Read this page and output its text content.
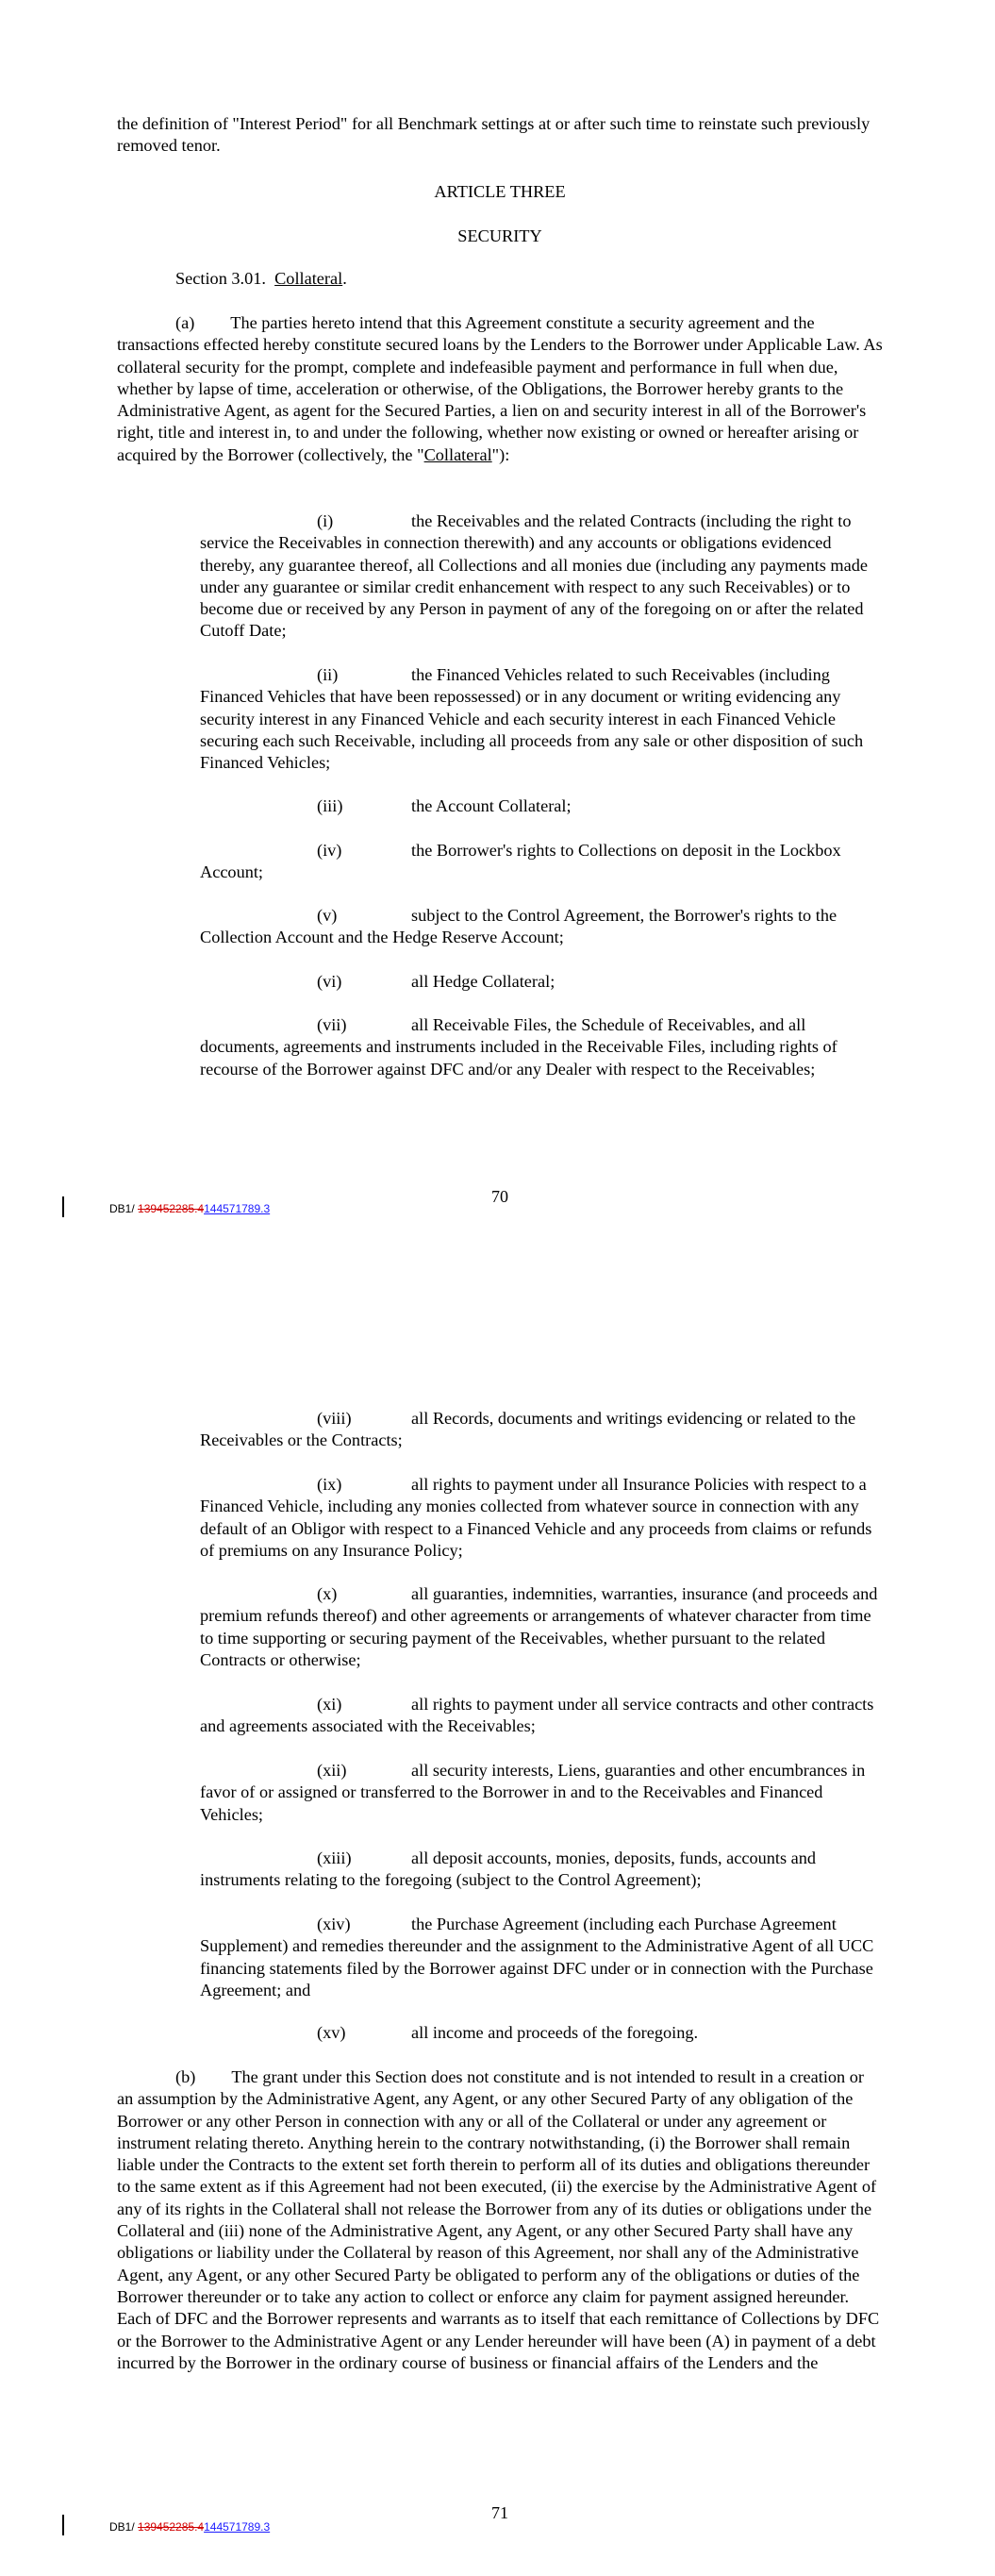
the definition of "Interest Period" for all Benchmark settings at or after such time to reinstate such previously removed tenor.

ARTICLE THREE

SECURITY

Section 3.01. Collateral.

(a) The parties hereto intend that this Agreement constitute a security agreement and the transactions effected hereby constitute secured loans by the Lenders to the Borrower under Applicable Law. As collateral security for the prompt, complete and indefeasible payment and performance in full when due, whether by lapse of time, acceleration or otherwise, of the Obligations, the Borrower hereby grants to the Administrative Agent, as agent for the Secured Parties, a lien on and security interest in all of the Borrower's right, title and interest in, to and under the following, whether now existing or owned or hereafter arising or acquired by the Borrower (collectively, the "Collateral"):

(i)	the Receivables and the related Contracts (including the right to service the Receivables in connection therewith) and any accounts or obligations evidenced thereby, any guarantee thereof, all Collections and all monies due (including any payments made under any guarantee or similar credit enhancement with respect to any such Receivables) or to become due or received by any Person in payment of any of the foregoing on or after the related Cutoff Date;

(ii)	the Financed Vehicles related to such Receivables (including Financed Vehicles that have been repossessed) or in any document or writing evidencing any security interest in any Financed Vehicle and each security interest in each Financed Vehicle securing each such Receivable, including all proceeds from any sale or other disposition of such Financed Vehicles;

(iii)	the Account Collateral;

(iv)	the Borrower's rights to Collections on deposit in the Lockbox Account;

(v)	subject to the Control Agreement, the Borrower's rights to the Collection Account and the Hedge Reserve Account;

(vi)	all Hedge Collateral;

(vii)	all Receivable Files, the Schedule of Receivables, and all documents, agreements and instruments included in the Receivable Files, including rights of recourse of the Borrower against DFC and/or any Dealer with respect to the Receivables;

70
DB1/ 139452285.4144571789.3

(viii)	all Records, documents and writings evidencing or related to the Receivables or the Contracts;

(ix)	all rights to payment under all Insurance Policies with respect to a Financed Vehicle, including any monies collected from whatever source in connection with any default of an Obligor with respect to a Financed Vehicle and any proceeds from claims or refunds of premiums on any Insurance Policy;

(x)	all guaranties, indemnities, warranties, insurance (and proceeds and premium refunds thereof) and other agreements or arrangements of whatever character from time to time supporting or securing payment of the Receivables, whether pursuant to the related Contracts or otherwise;

(xi)	all rights to payment under all service contracts and other contracts and agreements associated with the Receivables;

(xii)	all security interests, Liens, guaranties and other encumbrances in favor of or assigned or transferred to the Borrower in and to the Receivables and Financed Vehicles;

(xiii)	all deposit accounts, monies, deposits, funds, accounts and instruments relating to the foregoing (subject to the Control Agreement);

(xiv)	the Purchase Agreement (including each Purchase Agreement Supplement) and remedies thereunder and the assignment to the Administrative Agent of all UCC financing statements filed by the Borrower against DFC under or in connection with the Purchase Agreement; and

(xv)	all income and proceeds of the foregoing.

(b) The grant under this Section does not constitute and is not intended to result in a creation or an assumption by the Administrative Agent, any Agent, or any other Secured Party of any obligation of the Borrower or any other Person in connection with any or all of the Collateral or under any agreement or instrument relating thereto. Anything herein to the contrary notwithstanding, (i) the Borrower shall remain liable under the Contracts to the extent set forth therein to perform all of its duties and obligations thereunder to the same extent as if this Agreement had not been executed, (ii) the exercise by the Administrative Agent of any of its rights in the Collateral shall not release the Borrower from any of its duties or obligations under the Collateral and (iii) none of the Administrative Agent, any Agent, or any other Secured Party shall have any obligations or liability under the Collateral by reason of this Agreement, nor shall any of the Administrative Agent, any Agent, or any other Secured Party be obligated to perform any of the obligations or duties of the Borrower thereunder or to take any action to collect or enforce any claim for payment assigned hereunder. Each of DFC and the Borrower represents and warrants as to itself that each remittance of Collections by DFC or the Borrower to the Administrative Agent or any Lender hereunder will have been (A) in payment of a debt incurred by the Borrower in the ordinary course of business or financial affairs of the Lenders and the

71
DB1/ 139452285.4144571789.3
